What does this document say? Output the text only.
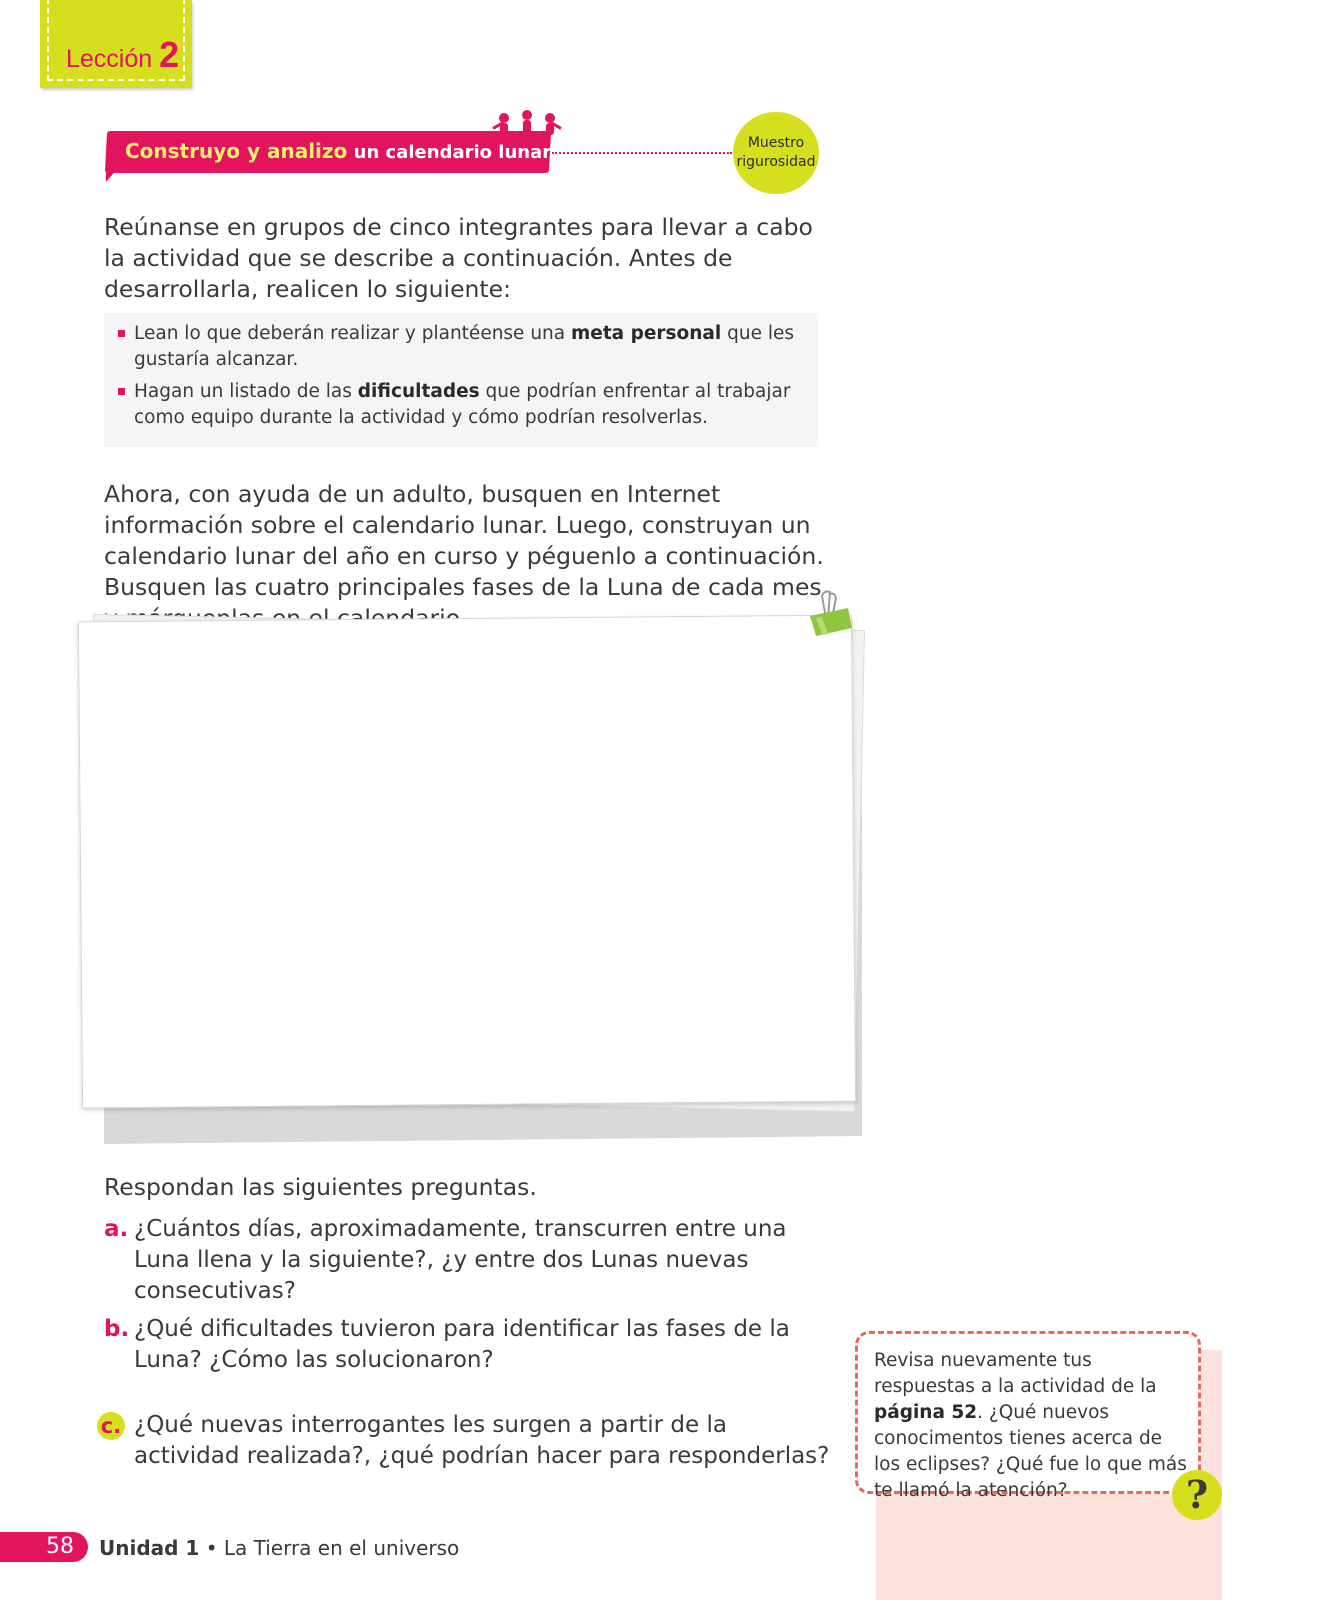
Lección 2
Construyo y analizo un calendario lunar	Muestro
rigurosidad
Reúnanse en grupos de cinco integrantes para llevar a cabo la actividad que se describe a continuación. Antes de desarrollarla, realicen lo siguiente:
Lean lo que deberán realizar y plantéense una meta personal que les gustaría alcanzar.
Hagan un listado de las dificultades que podrían enfrentar al trabajar como equipo durante la actividad y cómo podrían resolverlas.
Ahora, con ayuda de un adulto, busquen en Internet información sobre el calendario lunar. Luego, construyan un calendario lunar del año en curso y péguenlo a continuación. Busquen las cuatro principales fases de la Luna de cada mes
Respondan las siguientes preguntas.
a. ¿Cuántos días, aproximadamente, transcurren entre una Luna llena y la siguiente?, ¿y entre dos Lunas nuevas consecutivas?
b. ¿Qué dificultades tuvieron para identificar las fases de la Luna? ¿Cómo las solucionaron?
c. ¿Qué nuevas interrogantes les surgen a partir de la actividad realizada?, ¿qué podrían hacer para responderlas?
Revisa nuevamente tus respuestas a la actividad de la página 52. ¿Qué nuevos conocimentos tienes acerca de los eclipses? ¿Qué fue lo que más te llamó la atención?	?
58 Unidad 1 • La Tierra en el universo
